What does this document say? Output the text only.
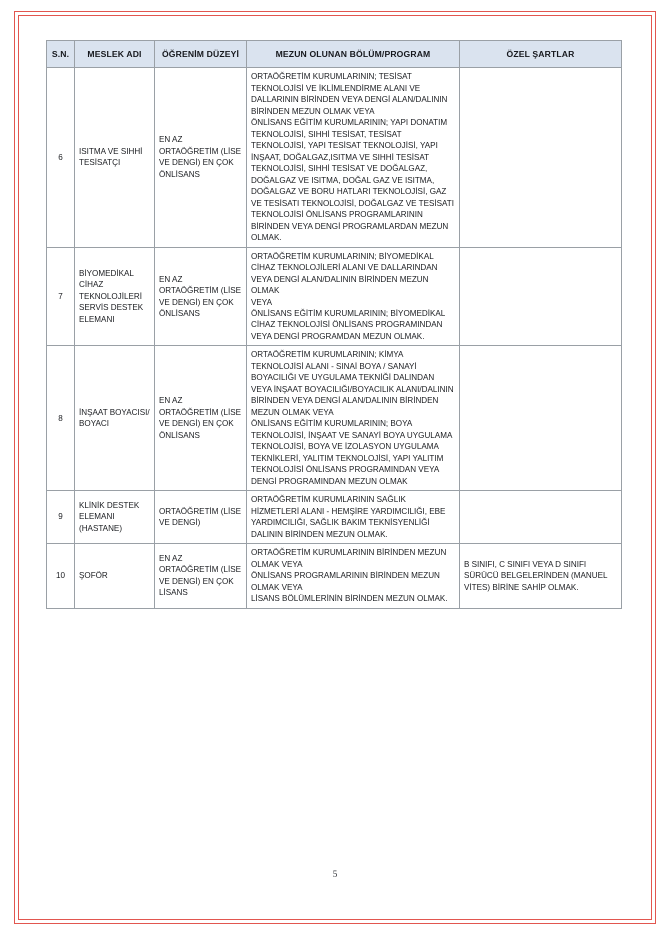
S.N.	MESLEK ADI	ÖĞRENİM DÜZEYİ	MEZUN OLUNAN BÖLÜM/PROGRAM	ÖZEL ŞARTLAR
6	ISITMA VE SIHHİ TESİSATÇI	EN AZ ORTAÖĞRETİM (LİSE VE DENGİ) EN ÇOK ÖNLİSANS	ORTAÖĞRETİM KURUMLARININ; TESİSAT TEKNOLOJİSİ VE İKLİMLENDİRME ALANI VE DALLARININ BİRİNDEN VEYA DENGİ ALAN/DALININ BİRİNDEN MEZUN OLMAK VEYA
ÖNLİSANS EĞİTİM KURUMLARININ; YAPI DONATIM TEKNOLOJİSİ, SIHHİ TESİSAT, TESİSAT TEKNOLOJİSİ, YAPI TESİSAT TEKNOLOJİSİ, YAPI İNŞAAT, DOĞALGAZ,ISITMA VE SIHHİ TESİSAT TEKNOLOJİSİ, SIHHİ TESİSAT VE DOĞALGAZ, DOĞALGAZ VE ISITMA, DOĞAL GAZ VE ISITMA, DOĞALGAZ VE BORU HATLARI TEKNOLOJİSİ, GAZ VE TESİSATI TEKNOLOJİSİ, DOĞALGAZ VE TESİSATI TEKNOLOJİSİ ÖNLİSANS PROGRAMLARININ BİRİNDEN VEYA DENGİ PROGRAMLARDAN MEZUN OLMAK.	

7	BİYOMEDİKAL CİHAZ TEKNOLOJİLERİ SERVİS DESTEK ELEMANI	EN AZ ORTAÖĞRETİM (LİSE VE DENGİ) EN ÇOK ÖNLİSANS	ORTAÖĞRETİM KURUMLARININ; BİYOMEDİKAL CİHAZ TEKNOLOJİLERİ ALANI VE DALLARINDAN VEYA DENGİ ALAN/DALININ BİRİNDEN MEZUN OLMAK
VEYA
ÖNLİSANS EĞİTİM KURUMLARININ; BİYOMEDİKAL CİHAZ TEKNOLOJİSİ ÖNLİSANS PROGRAMINDAN VEYA DENGİ PROGRAMDAN MEZUN OLMAK.	

8	İNŞAAT BOYACISI/ BOYACI	EN AZ ORTAÖĞRETİM (LİSE VE DENGİ) EN ÇOK ÖNLİSANS	ORTAÖĞRETİM KURUMLARININ; KİMYA TEKNOLOJİSİ ALANI - SINAİ BOYA / SANAYİ BOYACILIĞI VE UYGULAMA TEKNİĞİ DALINDAN VEYA İNŞAAT BOYACILIĞI/BOYACILIK ALANI/DALININ BİRİNDEN VEYA DENGİ ALAN/DALININ BİRİNDEN MEZUN OLMAK VEYA
ÖNLİSANS EĞİTİM KURUMLARININ; BOYA TEKNOLOJİSİ, İNŞAAT VE SANAYİ BOYA UYGULAMA TEKNOLOJİSİ, BOYA VE İZOLASYON UYGULAMA TEKNİKLERİ, YALITIM TEKNOLOJİSİ, YAPI YALITIM TEKNOLOJİSİ ÖNLİSANS PROGRAMINDAN VEYA DENGİ PROGRAMINDAN MEZUN OLMAK	

9	KLİNİK DESTEK ELEMANI (HASTANE)	ORTAÖĞRETİM (LİSE VE DENGİ)	ORTAÖĞRETİM KURUMLARININ SAĞLIK HİZMETLERİ ALANI - HEMŞİRE YARDIMCILIĞI, EBE YARDIMCILIĞI, SAĞLIK BAKIM TEKNİSYENLİĞİ DALININ BİRİNDEN MEZUN OLMAK.	
10	ŞOFÖR	EN AZ ORTAÖĞRETİM (LİSE VE DENGİ) EN ÇOK LİSANS	ORTAÖĞRETİM KURUMLARININ BİRİNDEN MEZUN OLMAK VEYA
ÖNLİSANS PROGRAMLARININ BİRİNDEN MEZUN OLMAK VEYA
LİSANS BÖLÜMLERİNİN BİRİNDEN MEZUN OLMAK.	B SINIFI, C SINIFI VEYA D SINIFI SÜRÜCÜ BELGELERİNDEN (MANUEL VİTES) BİRİNE SAHİP OLMAK.
5
